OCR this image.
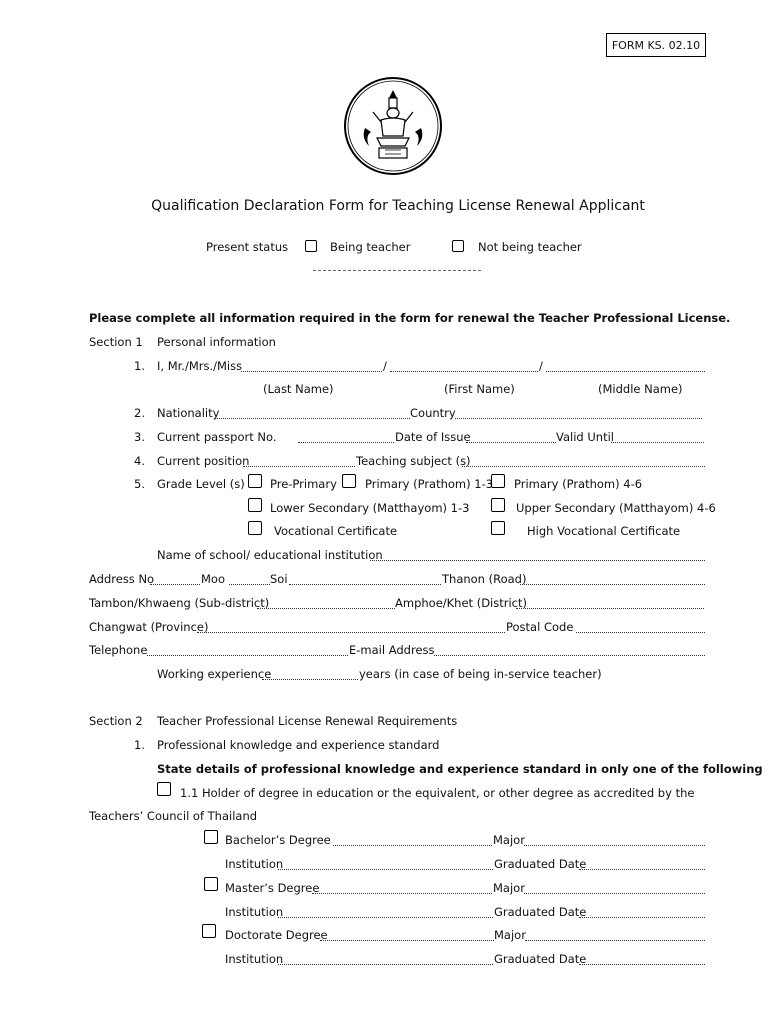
FORM KS. 02.10
Qualification Declaration Form for Teaching License Renewal Applicant
Present status	Being teacher	Not being teacher
Please complete all information required in the form for renewal the Teacher Professional License.
Section 1 Personal information
1. I, Mr./Mrs./Miss	/	/
(Last Name)	(First Name)	(Middle Name)
2. Nationality	Country
3. Current passport No.	Date of Issue	Valid Until
4. Current position	Teaching subject (s)
5. Grade Level (s) Pre-Primary Primary (Prathom) 1-3 Primary (Prathom) 4-6
Lower Secondary (Matthayom) 1-3	Upper Secondary (Matthayom) 4-6
Vocational Certificate	High Vocational Certificate
Name of school/ educational institution
Address No	Moo	Soi	Thanon (Road)
Tambon/Khwaeng (Sub-district)	Amphoe/Khet (District)
Changwat (Province)	Postal Code
Telephone	E-mail Address
Working experience	years (in case of being in-service teacher)
Section 2 Teacher Professional License Renewal Requirements
1. Professional knowledge and experience standard
State details of professional knowledge and experience standard in only one of the following
1.1 Holder of degree in education or the equivalent, or other degree as accredited by the
Teachers’ Council of Thailand
Bachelor’s Degree	Major
Institution	Graduated Date
Master’s Degree	Major
Institution	Graduated Date
Doctorate Degree	Major
Institution	Graduated Date
